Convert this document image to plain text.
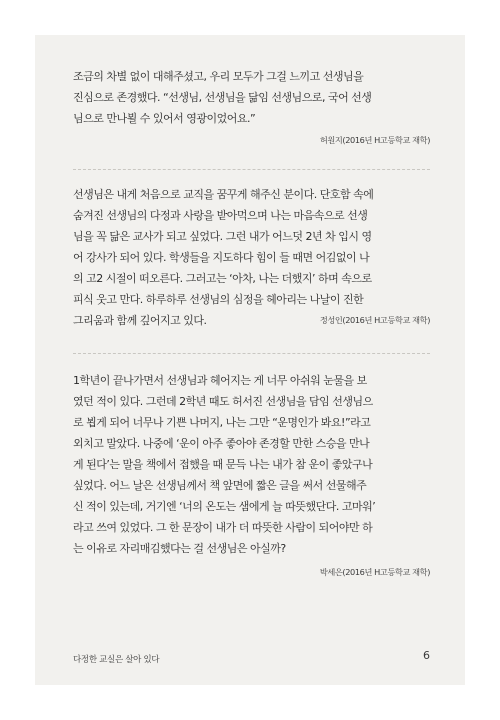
조금의 차별 없이 대해주셨고, 우리 모두가 그걸 느끼고 선생님을
진심으로 존경했다. “선생님, 선생님을 닮임 선생님으로, 국어 선생
님으로 만나뵐 수 있어서 영광이었어요.”

허원지(2016년 H고등학교 재학)

선생님은 내게 처음으로 교직을 꿈꾸게 해주신 분이다. 단호함 속에
숨겨진 선생님의 다정과 사랑을 받아먹으며 나는 마음속으로 선생
님을 꼭 닮은 교사가 되고 싶었다. 그런 내가 어느덧 2년 차 입시 영
어 강사가 되어 있다. 학생들을 지도하다 힘이 들 때면 어김없이 나
의 고2 시절이 떠오른다. 그러고는 ‘아차, 나는 더했지’ 하며 속으로
피식 웃고 만다. 하루하루 선생님의 심정을 헤아리는 나날이 진한
그리움과 함께 깊어지고 있다.	정성인(2016년 H고등학교 재학)

1학년이 끝나가면서 선생님과 헤어지는 게 너무 아쉬워 눈물을 보
였던 적이 있다. 그런데 2학년 때도 허서진 선생님을 담임 선생님으
로 뵙게 되어 너무나 기쁜 나머지, 나는 그만 “운명인가 봐요!”라고
외치고 말았다. 나중에 ‘운이 아주 좋아야 존경할 만한 스승을 만나
게 된다’는 말을 책에서 접했을 때 문득 나는 내가 참 운이 좋았구나
싶었다. 어느 날은 선생님께서 책 앞면에 짧은 글을 써서 선물해주
신 적이 있는데, 거기엔 ‘너의 온도는 샘에게 늘 따뜻했단다. 고마워’
라고 쓰여 있었다. 그 한 문장이 내가 더 따뜻한 사람이 되어야만 하
는 이유로 자리매김했다는 걸 선생님은 아실까?

박세은(2016년 H고등학교 재학)

다정한 교실은 살아 있다	6
